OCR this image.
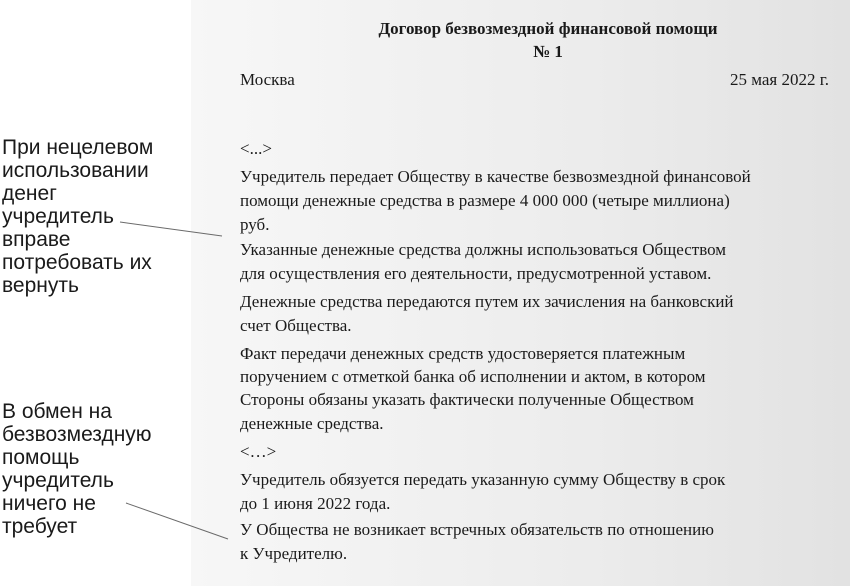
Договор безвозмездной финансовой помощи
№ 1
Москва	25 мая 2022 г.
<...>
Учредитель передает Обществу в качестве безвозмездной финансовой
помощи денежные средства в размере 4 000 000 (четыре миллиона)
руб.
Указанные денежные средства должны использоваться Обществом
для осуществления его деятельности, предусмотренной уставом.
Денежные средства передаются путем их зачисления на банковский
счет Общества.
Факт передачи денежных средств удостоверяется платежным
поручением с отметкой банка об исполнении и актом, в котором
Стороны обязаны указать фактически полученные Обществом
денежные средства.
<…>
Учредитель обязуется передать указанную сумму Обществу в срок
до 1 июня 2022 года.
У Общества не возникает встречных обязательств по отношению
к Учредителю.
При нецелевом
использовании
денег
учредитель
вправе
потребовать их
вернуть
В обмен на
безвозмездную
помощь
учредитель
ничего не
требует
